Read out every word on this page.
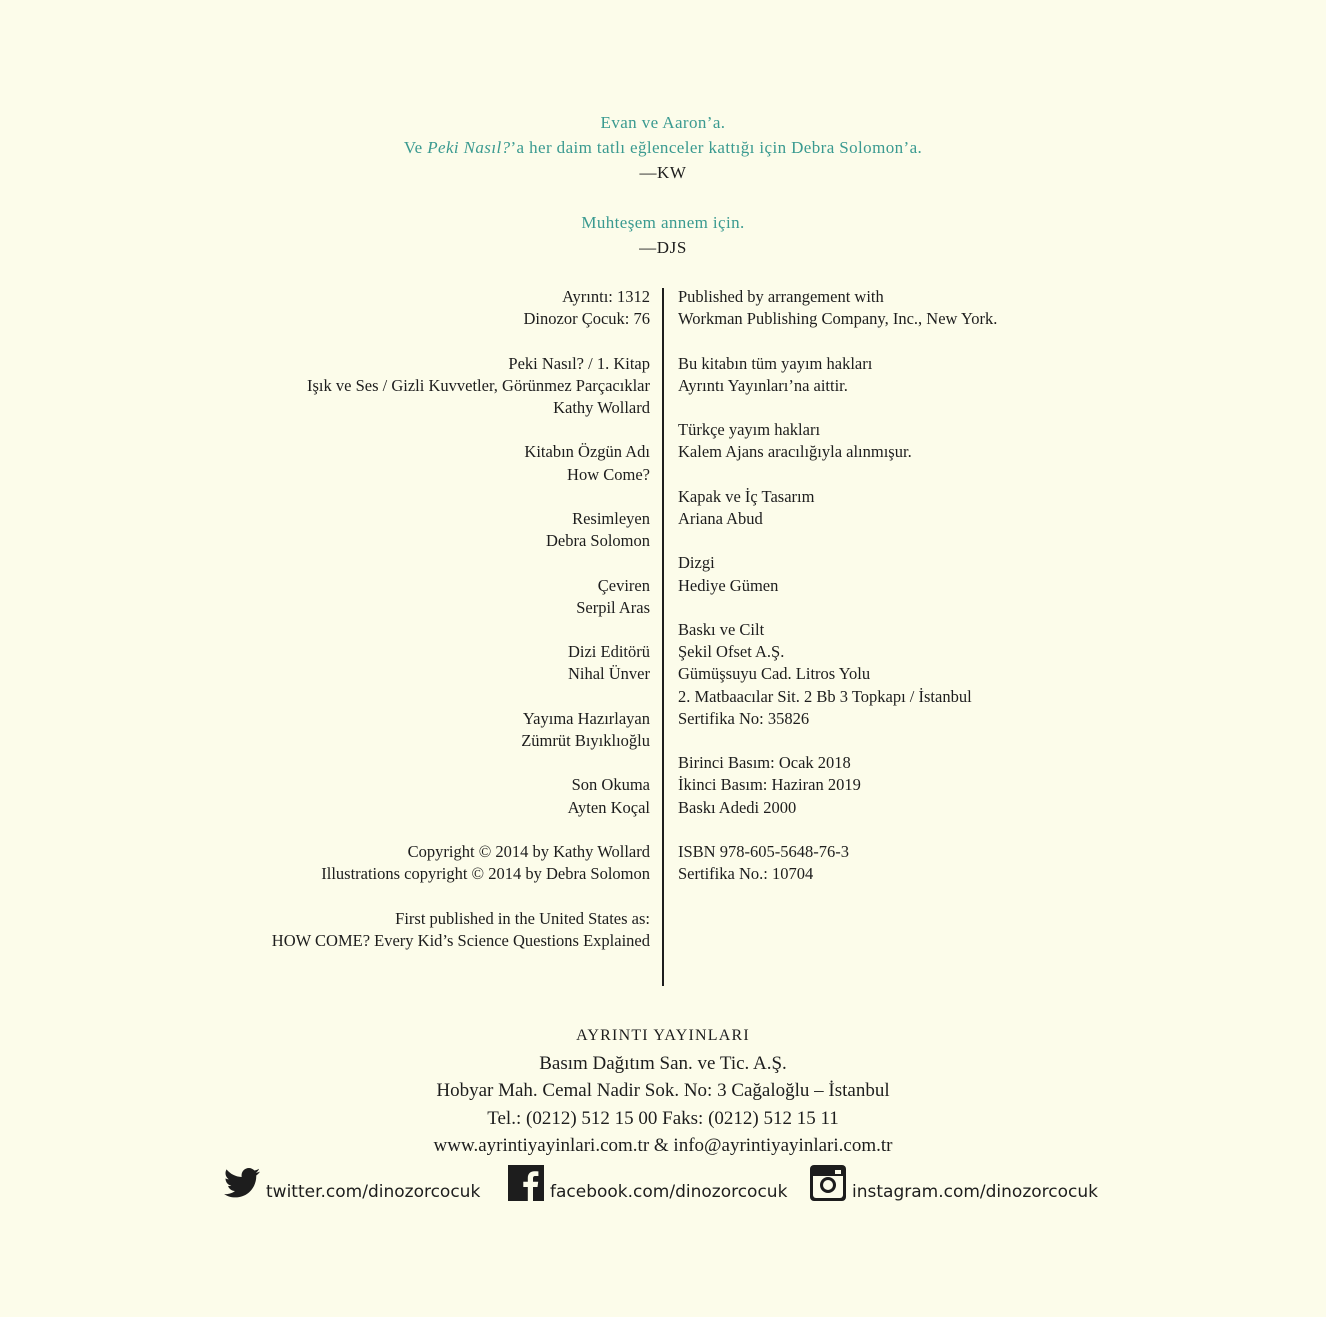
Evan ve Aaron’a.
Ve Peki Nasıl?’a her daim tatlı eğlenceler kattığı için Debra Solomon’a.
—KW
Muhteşem annem için.
—DJS
Ayrıntı: 1312
Dinozor Çocuk: 76
Peki Nasıl? / 1. Kitap
Işık ve Ses / Gizli Kuvvetler, Görünmez Parçacıklar
Kathy Wollard
Kitabın Özgün Adı
How Come?
Resimleyen
Debra Solomon
Çeviren
Serpil Aras
Dizi Editörü
Nihal Ünver
Yayıma Hazırlayan
Zümrüt Bıyıklıoğlu
Son Okuma
Ayten Koçal
Copyright © 2014 by Kathy Wollard
Illustrations copyright © 2014 by Debra Solomon
First published in the United States as:
HOW COME? Every Kid’s Science Questions Explained
Published by arrangement with
Workman Publishing Company, Inc., New York.
Bu kitabın tüm yayım hakları
Ayrıntı Yayınları’na aittir.
Türkçe yayım hakları
Kalem Ajans aracılığıyla alınmışur.
Kapak ve İç Tasarım
Ariana Abud
Dizgi
Hediye Gümen
Baskı ve Cilt
Şekil Ofset A.Ş.
Gümüşsuyu Cad. Litros Yolu
2. Matbaacılar Sit. 2 Bb 3 Topkapı / İstanbul
Sertifika No: 35826
Birinci Basım: Ocak 2018
İkinci Basım: Haziran 2019
Baskı Adedi 2000
ISBN 978-605-5648-76-3
Sertifika No.: 10704
AYRINTI YAYINLARI
Basım Dağıtım San. ve Tic. A.Ş.
Hobyar Mah. Cemal Nadir Sok. No: 3 Cağaloğlu – İstanbul
Tel.: (0212) 512 15 00 Faks: (0212) 512 15 11
www.ayrintiyayinlari.com.tr & info@ayrintiyayinlari.com.tr
twitter.com/dinozorcocuk	facebook.com/dinozorcocuk	instagram.com/dinozorcocuk
